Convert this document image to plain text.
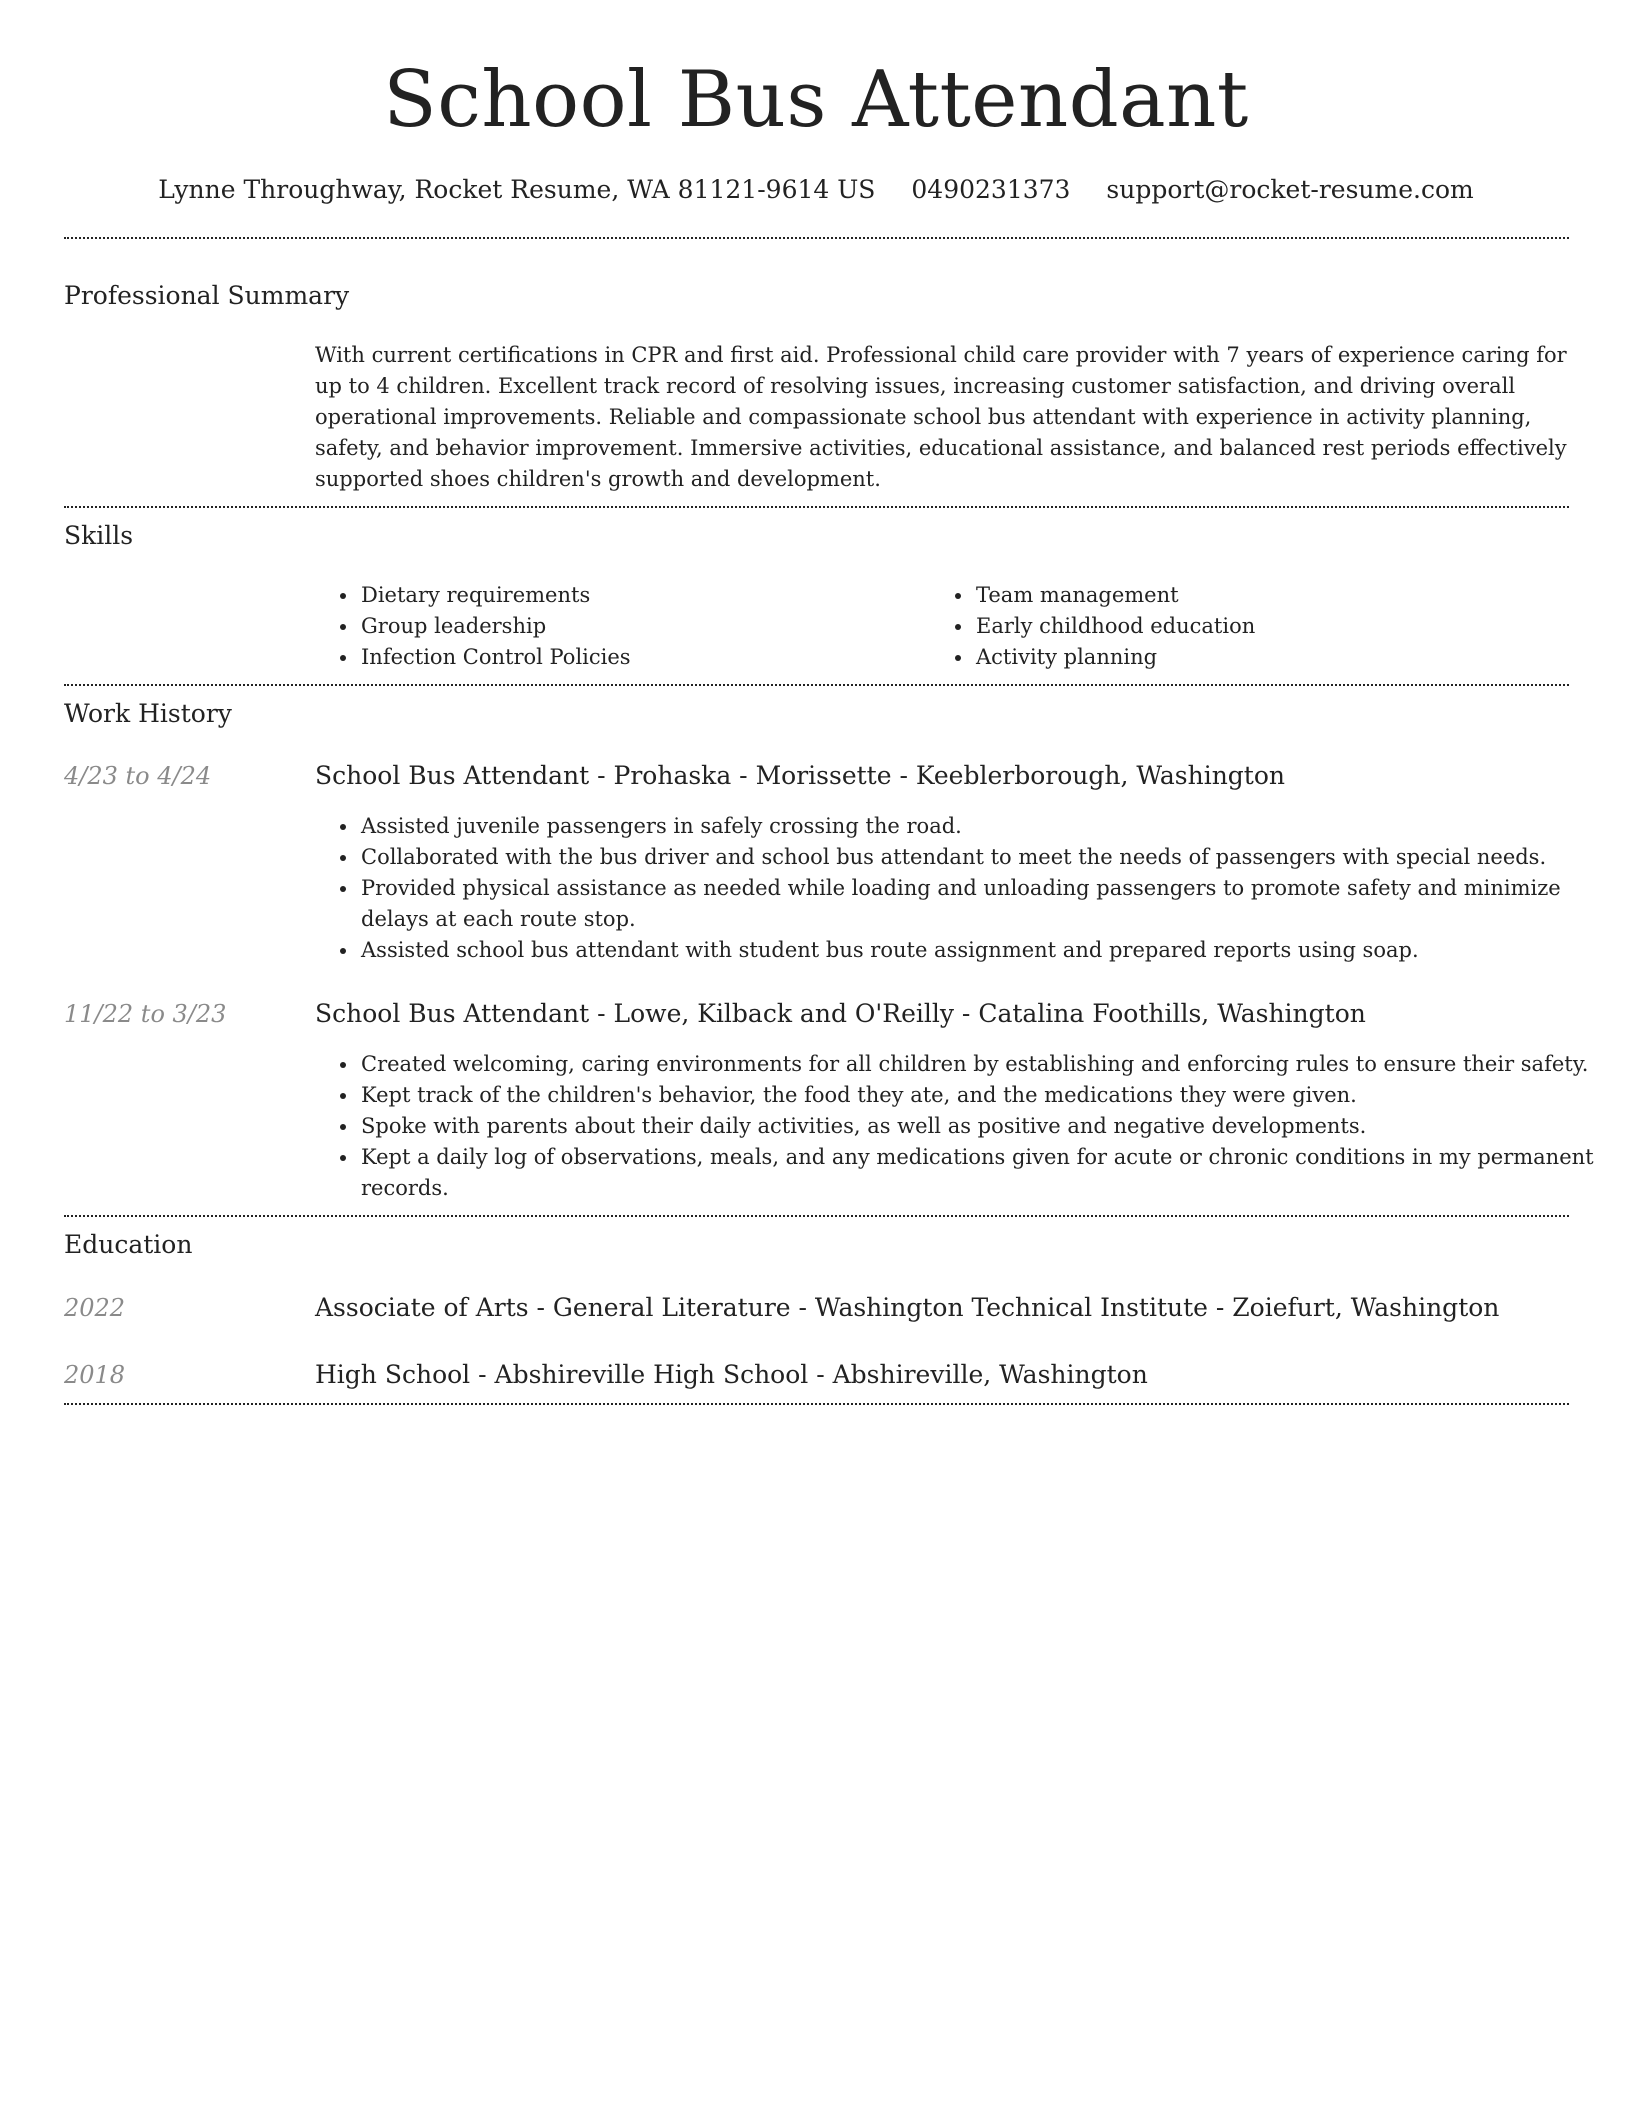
School Bus Attendant
Lynne Throughway, Rocket Resume, WA 81121-9614 US 0490231373 support@rocket-resume.com
Professional Summary
With current certifications in CPR and first aid. Professional child care provider with 7 years of experience caring for up to 4 children. Excellent track record of resolving issues, increasing customer satisfaction, and driving overall operational improvements. Reliable and compassionate school bus attendant with experience in activity planning, safety, and behavior improvement. Immersive activities, educational assistance, and balanced rest periods effectively supported shoes children's growth and development.
Skills
• Dietary requirements
• Group leadership
• Infection Control Policies
• Team management
• Early childhood education
• Activity planning
Work History
4/23 to 4/24	School Bus Attendant - Prohaska - Morissette - Keeblerborough, Washington
• Assisted juvenile passengers in safely crossing the road.
• Collaborated with the bus driver and school bus attendant to meet the needs of passengers with special needs.
• Provided physical assistance as needed while loading and unloading passengers to promote safety and minimize delays at each route stop.
• Assisted school bus attendant with student bus route assignment and prepared reports using soap.
11/22 to 3/23	School Bus Attendant - Lowe, Kilback and O'Reilly - Catalina Foothills, Washington
• Created welcoming, caring environments for all children by establishing and enforcing rules to ensure their safety.
• Kept track of the children's behavior, the food they ate, and the medications they were given.
• Spoke with parents about their daily activities, as well as positive and negative developments.
• Kept a daily log of observations, meals, and any medications given for acute or chronic conditions in my permanent records.
Education
2022	Associate of Arts - General Literature - Washington Technical Institute - Zoiefurt, Washington
2018	High School - Abshireville High School - Abshireville, Washington
